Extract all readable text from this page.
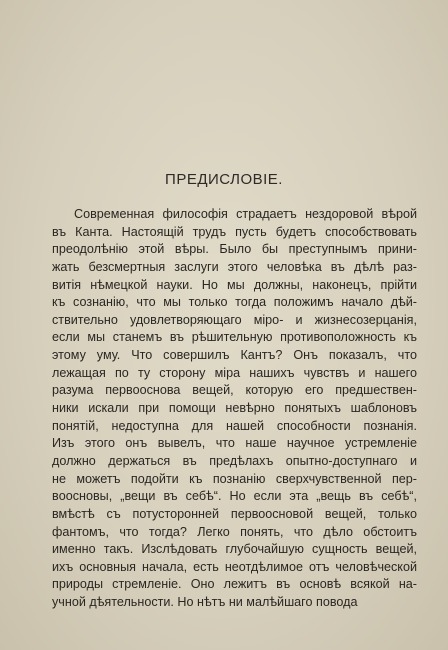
ПРЕДИСЛОВІЕ.
Современная философія страдаетъ нездоровой вѣрой
въ Канта. Настоящій трудъ пусть будетъ способствовать
преодолѣнію этой вѣры. Было бы преступнымъ прини-
жать безсмертныя заслуги этого человѣка въ дѣлѣ раз-
витія нѣмецкой науки. Но мы должны, наконецъ, прійти
къ сознанію, что мы только тогда положимъ начало дѣй-
ствительно удовлетворяющаго міро- и жизнесозерцанія,
если мы станемъ въ рѣшительную противоположность къ
этому уму. Что совершилъ Кантъ? Онъ показалъ, что
лежащая по ту сторону міра нашихъ чувствъ и нашего
разума первооснова вещей, которую его предшествен-
ники искали при помощи невѣрно понятыхъ шаблоновъ
понятій, недоступна для нашей способности познанія.
Изъ этого онъ вывелъ, что наше научное устремленіе
должно держаться въ предѣлахъ опытно-доступнаго и
не можетъ подойти къ познанію сверхчувственной пер-
вoосновы, „вещи въ себѣ“. Но если эта „вещь въ себѣ“,
вмѣстѣ съ потусторонней первоосновой вещей, только
фантомъ, что тогда? Легко понять, что дѣло обстоитъ
именно такъ. Изслѣдовать глубочайшую сущность вещей,
ихъ основныя начала, есть неотдѣлимое отъ человѣческой
природы стремленіе. Оно лежитъ въ основѣ всякой на-
учной дѣятельности. Но нѣтъ ни малѣйшаго повода
